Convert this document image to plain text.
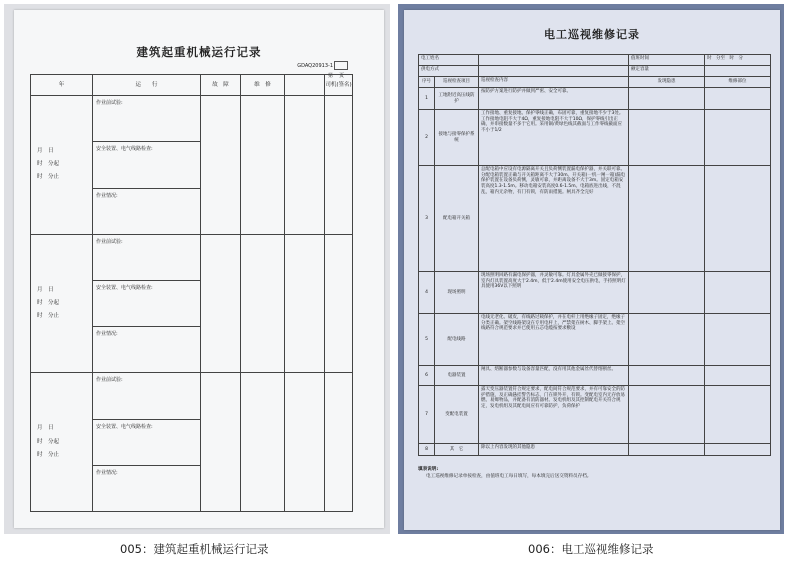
建筑起重机械运行记录
GDAQ20913-1
第页
年	运　　行	故　障	维　修		司机(签名)

月　日
时　分起
时　分止	作业前试验:				
	安全装置、电气线路检查:				
	作业情况:				

月　日
时　分起
时　分止	作业前试验:				
	安全装置、电气线路检查:				
	作业情况:				

月　日
时　分起
时　分止	作业前试验:				
	安全装置、电气线路检查:				
	作业情况:				
电工巡视维修记录
电工姓名			值班时间	时　 分至　 时　 分
供电方式			额定容量	
序号	巡视检查项目	巡视检查内容	发现隐患	维修部位
1	工地附近高压线防护	按防护方案进行防护并做到严密、安全可靠。		
2	接地与接零保护系统	工作接地、重复接地、保护零线正确，布固可靠，重复接地不少于3处。工作接地电阻不大于4Ω，重复接地电阻不大于10Ω，保护零线引出正确，并串接数量不多于它用。采用铜/黄绿色线其截面与工作零线截面应不小于1/2		
3	配电箱开关箱	总配电箱中应设有电源隔离开关且负荷侧装置漏电保护器，并关联可靠。分配电箱装置正确与开关箱距离不大于30m。开关箱(一机一闸一箱)漏电保护装置在设备负荷侧，灵敏可靠，并距离设备不大于3m。固定电箱安装高度1.3-1.5m。移动电箱安装高度0.6-1.5m。电箱底进出线，不混乱，箱内无杂物，有门有锁，有防雨措施。闸具齐全完好		
4	现场照明	现场照明回路有漏电保护器，并灵敏可靠。灯具金属外壳已做接零保护，室内灯具装置高度大于2.4m，低于2.4m使用安全电压供电，手持照明灯具使用36V以下照明		
5	配电线路	电线无老化、破皮，有线路过载保护，并在电杆上用绝缘子固定，绝缘子分类正确。架空线路架设在专用电杆上，严禁架在树木、脚手架上。架空线路符合规范要求并已使用五芯电缆按要求敷设		
6	电器装置	闸具、熔断器参数与设备容量匹配，没有用其他金属丝代替熔断丝。		
7	变配电装置	露天变压器装置符合规定要求，配电间符合规范要求，并有可靠安全的防护措施，及正确悬挂警告标志，门在锁外开，有锁。变配电室内无存放易燃、易爆物品，并配备有消防器材。发电机组及其控制配电开关符合规定，发电机组及其配电间应有可靠防护，负荷保护		
8	其　它	除以上内容发现的其他隐患		
填表说明:
电工巡视维修记录单按检查，由值班电工每日填写，每本填完后送交资料员存档。
005：建筑起重机械运行记录	006：电工巡视维修记录
